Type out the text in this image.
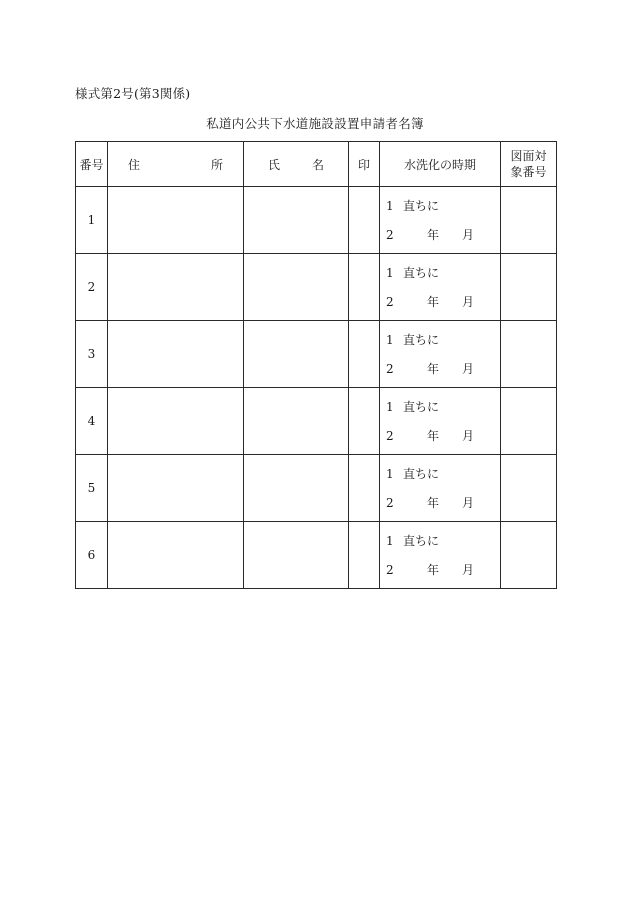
様式第2号(第3関係)
私道内公共下水道施設設置申請者名簿
番号	住 所	氏 名	印	水洗化の時期	図面対象番号
1				1 直ちに
2 年 月	

2				1 直ちに
2 年 月	

3				1 直ちに
2 年 月	

4				1 直ちに
2 年 月	

5				1 直ちに
2 年 月	

6				1 直ちに
2 年 月	
